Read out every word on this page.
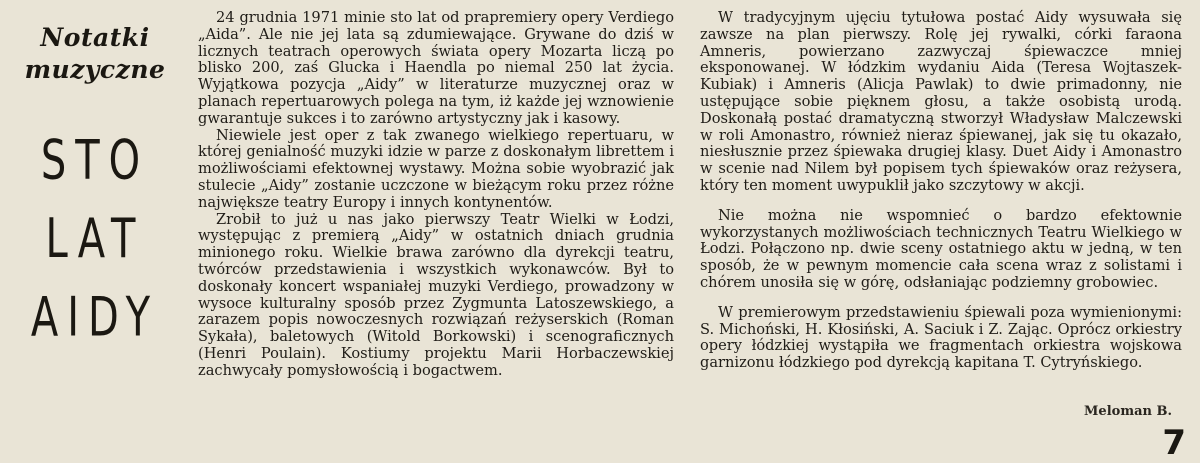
Notatki
muzyczne
STO
LAT
AIDY

24 grudnia 1971 minie sto lat od prapremiery opery Verdiego „Aida”. Ale nie jej lata są zdumiewające. Grywane do dziś w licznych teatrach operowych świata opery Mozarta liczą po blisko 200, zaś Glucka i Haendla po niemal 250 lat życia. Wyjątkowa pozycja „Aidy” w literaturze muzycznej oraz w planach repertuarowych polega na tym, iż każde jej wznowienie gwarantuje sukces i to zarówno artystyczny jak i kasowy.

Niewiele jest oper z tak zwanego wielkiego repertuaru, w której genialność muzyki idzie w parze z doskonałym librettem i możliwościami efektownej wystawy. Można sobie wyobrazić jak stulecie „Aidy” zostanie uczczone w bieżącym roku przez różne największe teatry Europy i innych kontynentów.

Zrobił to już u nas jako pierwszy Teatr Wielki w Łodzi, występując z premierą „Aidy” w ostatnich dniach grudnia minionego roku. Wielkie brawa zarówno dla dyrekcji teatru, twórców przedstawienia i wszystkich wykonawców. Był to doskonały koncert wspaniałej muzyki Verdiego, prowadzony w wysoce kulturalny sposób przez Zygmunta Latoszewskiego, a zarazem popis nowoczesnych rozwiązań reżyserskich (Roman Sykała), baletowych (Witold Borkowski) i scenograficznych (Henri Poulain). Kostiumy projektu Marii Horbaczewskiej zachwycały pomysłowością i bogactwem.

W tradycyjnym ujęciu tytułowa postać Aidy wysuwała się zawsze na plan pierwszy. Rolę jej rywalki, córki faraona Amneris, powierzano zazwyczaj śpiewaczce mniej eksponowanej. W łódzkim wydaniu Aida (Teresa Wojtaszek-Kubiak) i Amneris (Alicja Pawlak) to dwie primadonny, nie ustępujące sobie pięknem głosu, a także osobistą urodą. Doskonałą postać dramatyczną stworzył Władysław Malczewski w roli Amonastro, również nieraz śpiewanej, jak się tu okazało, niesłusznie przez śpiewaka drugiej klasy. Duet Aidy i Amonastro w scenie nad Nilem był popisem tych śpiewaków oraz reżysera, który ten moment uwypuklił jako szczytowy w akcji.

Nie można nie wspomnieć o bardzo efektownie wykorzystanych możliwościach technicznych Teatru Wielkiego w Łodzi. Połączono np. dwie sceny ostatniego aktu w jedną, w ten sposób, że w pewnym momencie cała scena wraz z solistami i chórem unosiła się w górę, odsłaniając podziemny grobowiec.

W premierowym przedstawieniu śpiewali poza wymienionymi: S. Michoński, H. Kłosiński, A. Saciuk i Z. Zając. Oprócz orkiestry opery łódzkiej wystąpiła we fragmentach orkiestra wojskowa garnizonu łódzkiego pod dyrekcją kapitana T. Cytryńskiego.

Meloman B.
7
